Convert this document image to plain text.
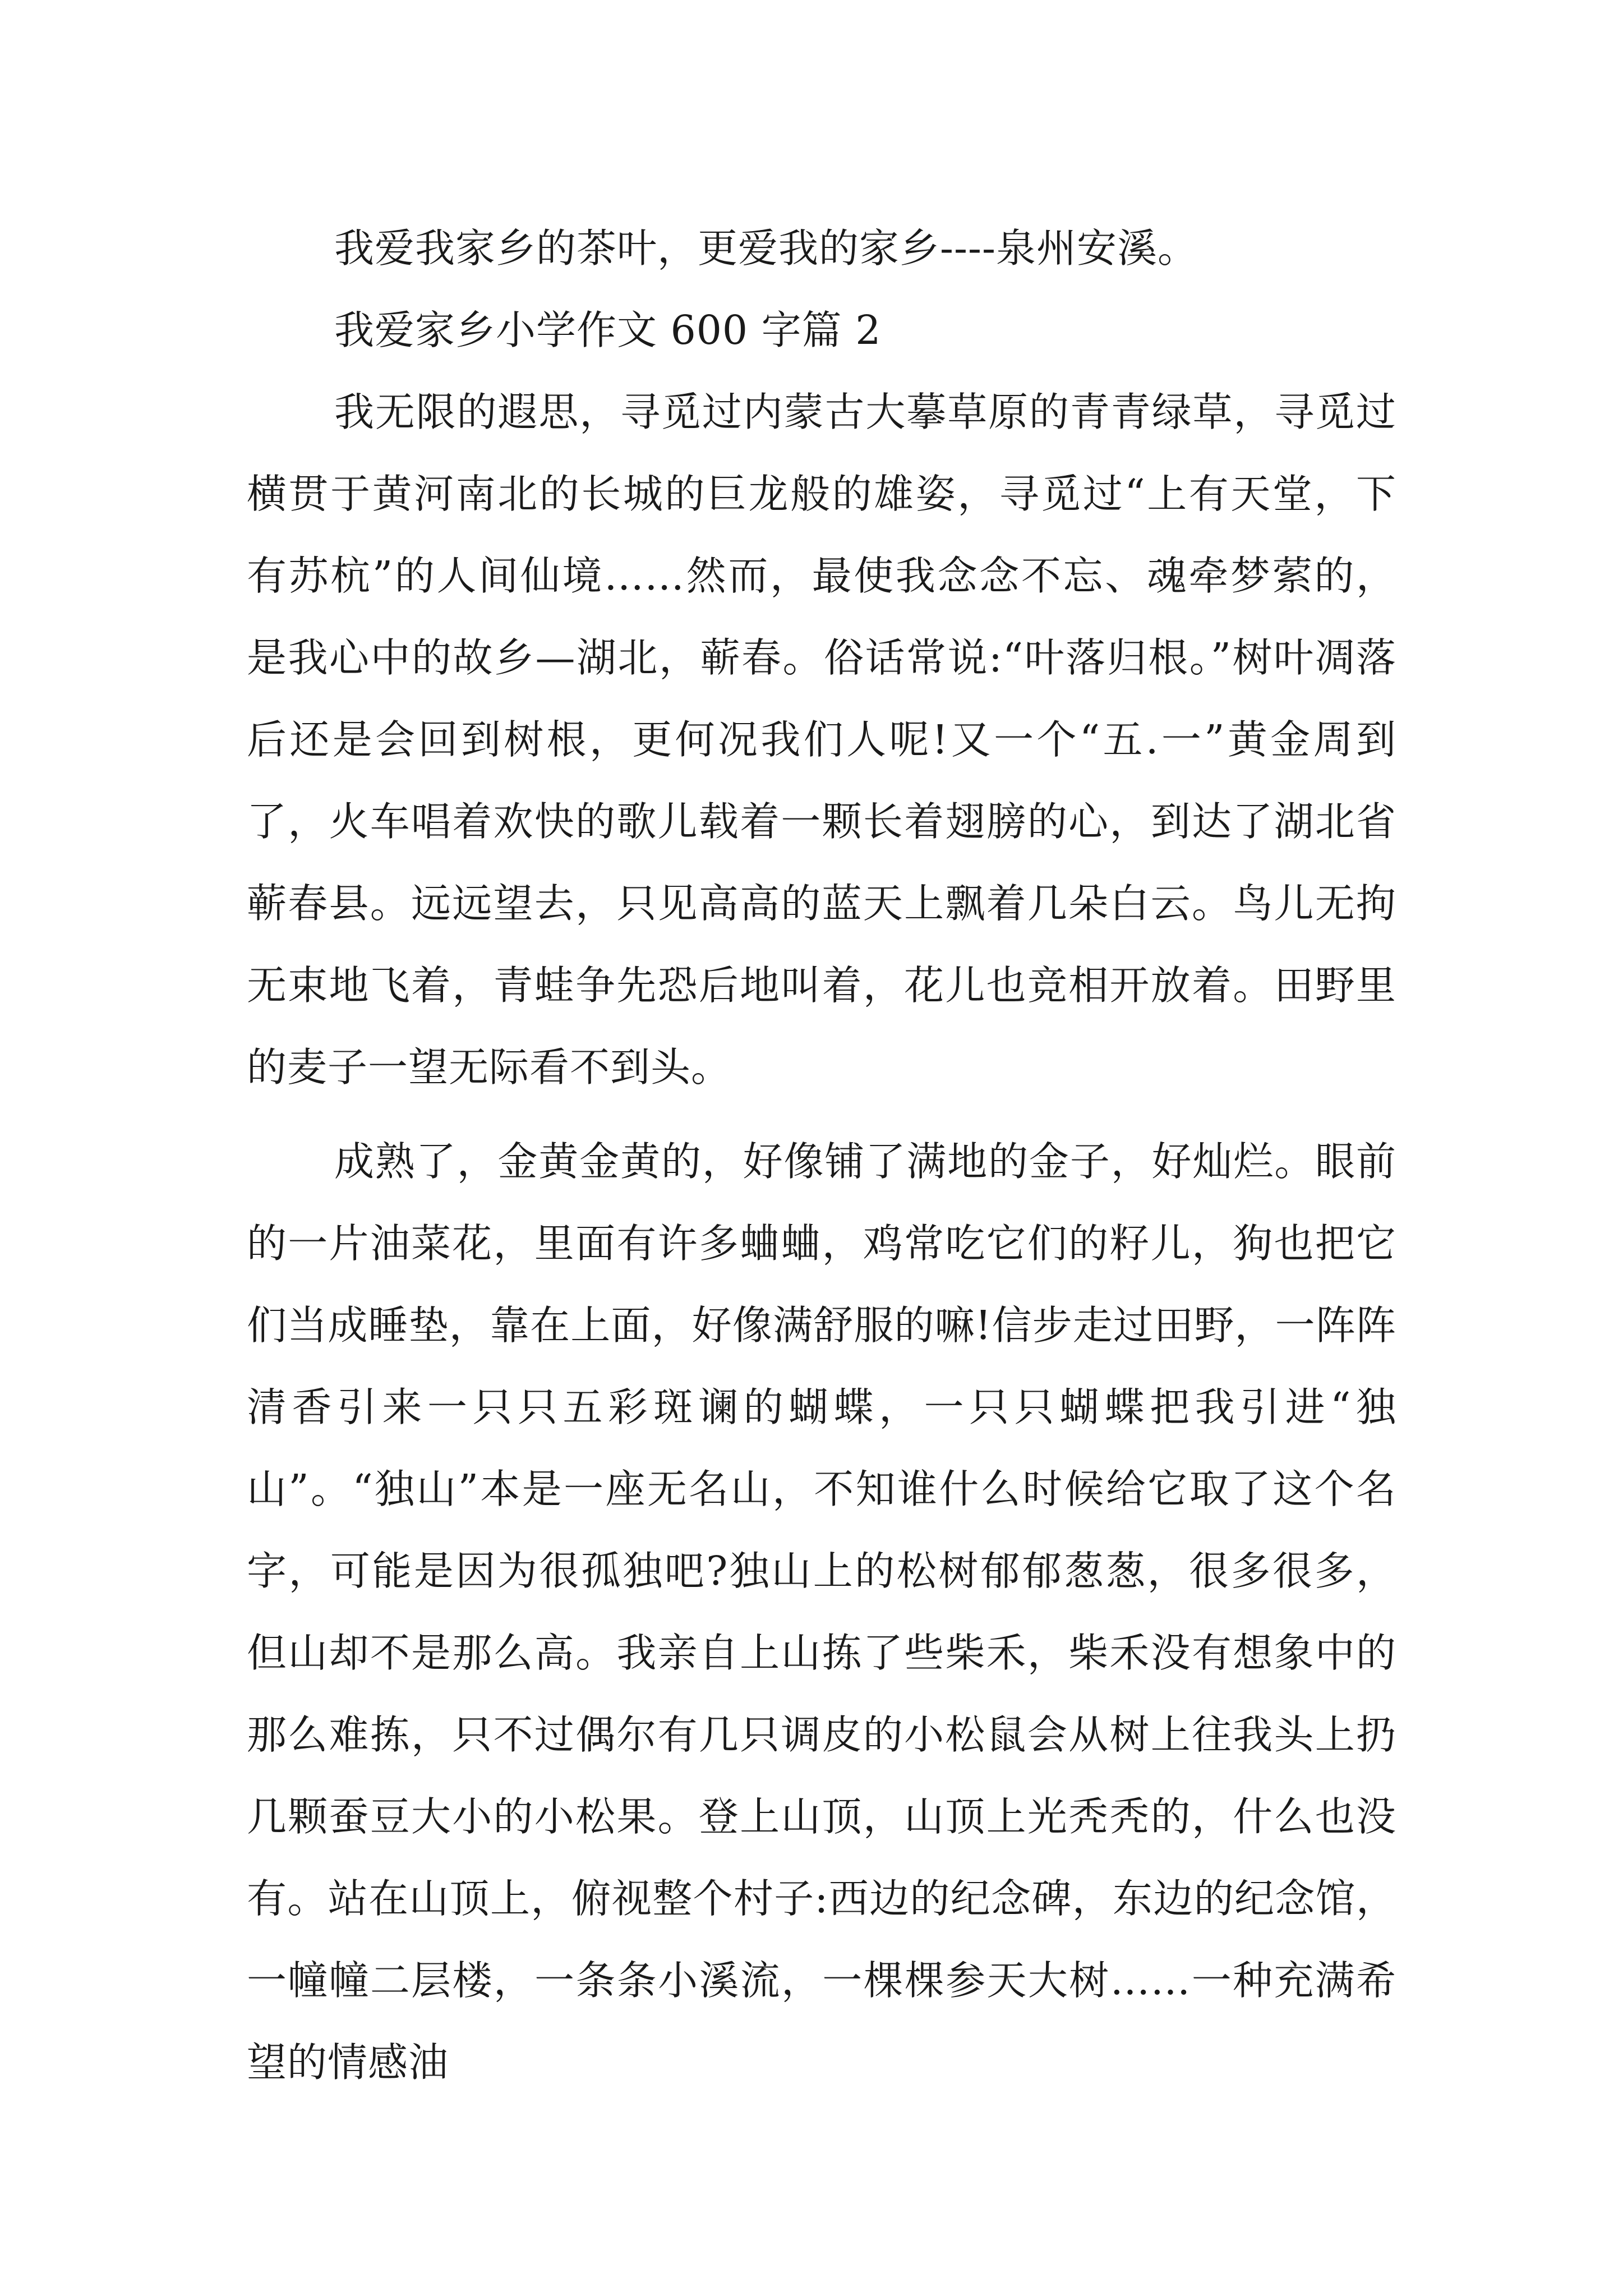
我爱我家乡的茶叶，更爱我的家乡----泉州安溪。

我爱家乡小学作文 600 字篇 2

我无限的遐思，寻觅过内蒙古大摹草原的青青绿草，寻觅过横贯于黄河南北的长城的巨龙般的雄姿，寻觅过“上有天堂，下有苏杭”的人间仙境……然而，最使我念念不忘、魂牵梦萦的，是我心中的故乡—湖北，蕲春。俗话常说:“叶落归根。”树叶凋落后还是会回到树根，更何况我们人呢!又一个“五.一”黄金周到了，火车唱着欢快的歌儿载着一颗长着翅膀的心，到达了湖北省蕲春县。远远望去，只见高高的蓝天上飘着几朵白云。鸟儿无拘无束地飞着，青蛙争先恐后地叫着，花儿也竞相开放着。田野里的麦子一望无际看不到头。

成熟了，金黄金黄的，好像铺了满地的金子，好灿烂。眼前的一片油菜花，里面有许多蛐蛐，鸡常吃它们的籽儿，狗也把它们当成睡垫，靠在上面，好像满舒服的嘛!信步走过田野，一阵阵清香引来一只只五彩斑谰的蝴蝶，一只只蝴蝶把我引进“独山”。“独山”本是一座无名山，不知谁什么时候给它取了这个名字，可能是因为很孤独吧?独山上的松树郁郁葱葱，很多很多，但山却不是那么高。我亲自上山拣了些柴禾，柴禾没有想象中的那么难拣，只不过偶尔有几只调皮的小松鼠会从树上往我头上扔几颗蚕豆大小的小松果。登上山顶，山顶上光秃秃的，什么也没有。站在山顶上，俯视整个村子:西边的纪念碑，东边的纪念馆，一幢幢二层楼，一条条小溪流，一棵棵参天大树……一种充满希望的情感油
